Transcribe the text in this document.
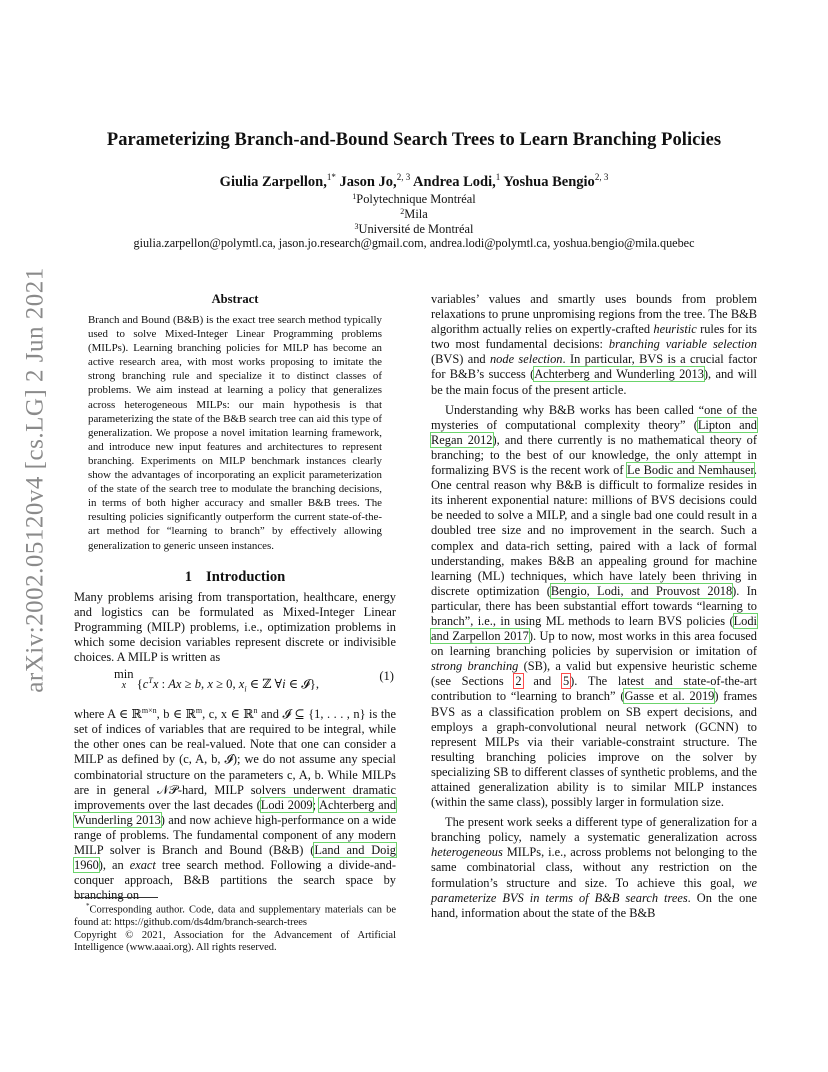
arXiv:2002.05120v4 [cs.LG] 2 Jun 2021
Parameterizing Branch-and-Bound Search Trees to Learn Branching Policies
Giulia Zarpellon,$^{1*}$ Jason Jo,$^{2, 3}$ Andrea Lodi,$^1$ Yoshua Bengio$^{2, 3}$
$^1$Polytechnique Montréal
$^2$Mila
$^3$Université de Montréal
giulia.zarpellon@polymtl.ca, jason.jo.research@gmail.com, andrea.lodi@polymtl.ca, yoshua.bengio@mila.quebec
Abstract

Branch and Bound (B&B) is the exact tree search method typically used to solve Mixed-Integer Linear Programming problems (MILPs). Learning branching policies for MILP has become an active research area, with most works proposing to imitate the strong branching rule and specialize it to distinct classes of problems. We aim instead at learning a policy that generalizes across heterogeneous MILPs: our main hypothesis is that parameterizing the state of the B&B search tree can aid this type of generalization. We propose a novel imitation learning framework, and introduce new input features and architectures to represent branching. Experiments on MILP benchmark instances clearly show the advantages of incorporating an explicit parameterization of the state of the search tree to modulate the branching decisions, in terms of both higher accuracy and smaller B&B trees. The resulting policies significantly outperform the current state-of-the-art method for “learning to branch” by effectively allowing generalization to generic unseen instances.

1 Introduction

Many problems arising from transportation, healthcare, energy and logistics can be formulated as Mixed-Integer Linear Programming (MILP) problems, i.e., optimization problems in which some decision variables represent discrete or indivisible choices. A MILP is written as

min
x {$c^Tx$ : Ax ≥ b, x ≥ 0, $x_i$ ∈ ℤ ∀i ∈ 𝓘},
(1)

where A ∈ ℝ$^{m\times n}$, b ∈ ℝ$^m$, c, x ∈ ℝ$^n$ and 𝓘 ⊆ {1, . . . , n} is the set of indices of variables that are required to be integral, while the other ones can be real-valued. Note that one can consider a MILP as defined by (c, A, b, 𝓘); we do not assume any special combinatorial structure on the parameters c, A, b. While MILPs are in general 𝒩𝒫-hard, MILP solvers underwent dramatic improvements over the last decades (Lodi 2009; Achterberg and Wunderling 2013) and now achieve high-performance on a wide range of problems. The fundamental component of any modern MILP solver is Branch and Bound (B&B) (Land and Doig 1960), an exact tree search method. Following a divide-and-conquer approach, B&B partitions the search space by branching on

*Corresponding author. Code, data and supplementary materials can be found at: https://github.com/ds4dm/branch-search-trees

Copyright © 2021, Association for the Advancement of Artificial Intelligence (www.aaai.org). All rights reserved.

variables’ values and smartly uses bounds from problem relaxations to prune unpromising regions from the tree. The B&B algorithm actually relies on expertly-crafted heuristic rules for its two most fundamental decisions: branching variable selection (BVS) and node selection. In particular, BVS is a crucial factor for B&B’s success (Achterberg and Wunderling 2013), and will be the main focus of the present article.

Understanding why B&B works has been called “one of the mysteries of computational complexity theory” (Lipton and Regan 2012), and there currently is no mathematical theory of branching; to the best of our knowledge, the only attempt in formalizing BVS is the recent work of Le Bodic and Nemhauser. One central reason why B&B is difficult to formalize resides in its inherent exponential nature: millions of BVS decisions could be needed to solve a MILP, and a single bad one could result in a doubled tree size and no improvement in the search. Such a complex and data-rich setting, paired with a lack of formal understanding, makes B&B an appealing ground for machine learning (ML) techniques, which have lately been thriving in discrete optimization (Bengio, Lodi, and Prouvost 2018). In particular, there has been substantial effort towards “learning to branch”, i.e., in using ML methods to learn BVS policies (Lodi and Zarpellon 2017). Up to now, most works in this area focused on learning branching policies by supervision or imitation of strong branching (SB), a valid but expensive heuristic scheme (see Sections 2 and 5). The latest and state-of-the-art contribution to “learning to branch” (Gasse et al. 2019) frames BVS as a classification problem on SB expert decisions, and employs a graph-convolutional neural network (GCNN) to represent MILPs via their variable-constraint structure. The resulting branching policies improve on the solver by specializing SB to different classes of synthetic problems, and the attained generalization ability is to similar MILP instances (within the same class), possibly larger in formulation size.

The present work seeks a different type of generalization for a branching policy, namely a systematic generalization across heterogeneous MILPs, i.e., across problems not belonging to the same combinatorial class, without any restriction on the formulation’s structure and size. To achieve this goal, we parameterize BVS in terms of B&B search trees. On the one hand, information about the state of the B&B
